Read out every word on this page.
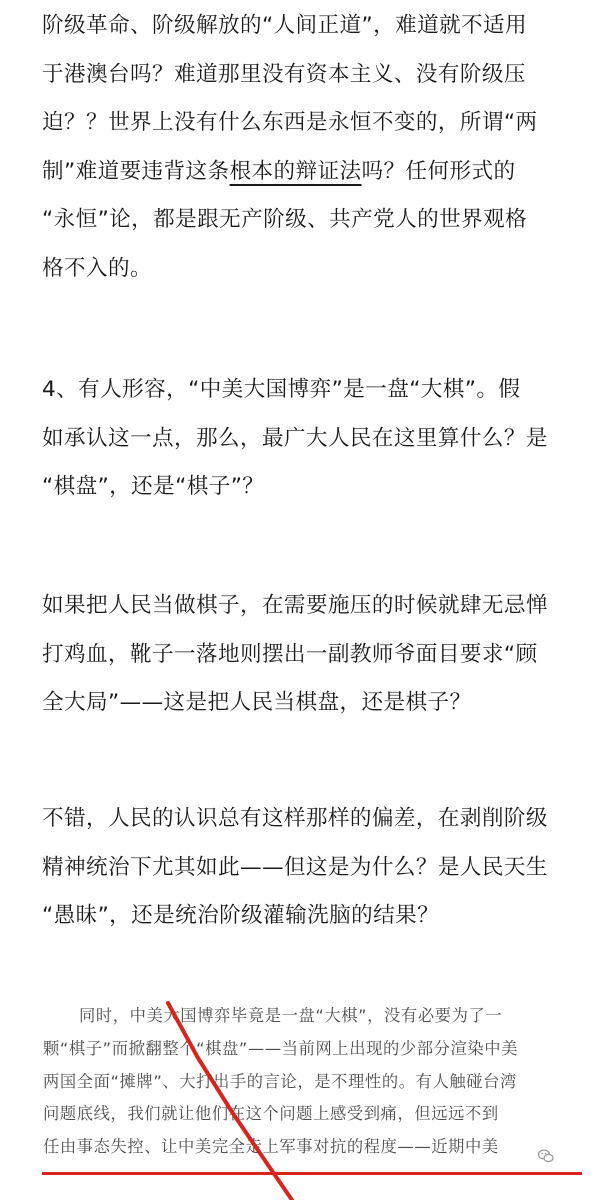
阶级革命、阶级解放的“人间正道”，难道就不适用
于港澳台吗？难道那里没有资本主义、没有阶级压
迫？？世界上没有什么东西是永恒不变的，所谓“两
制”难道要违背这条根本的辩证法吗？任何形式的
“永恒”论，都是跟无产阶级、共产党人的世界观格
格不入的。

4、有人形容，“中美大国博弈”是一盘“大棋”。假
如承认这一点，那么，最广大人民在这里算什么？是
“棋盘”，还是“棋子”？

如果把人民当做棋子，在需要施压的时候就肆无忌惮
打鸡血，靴子一落地则摆出一副教师爷面目要求“顾
全大局”——这是把人民当棋盘，还是棋子？

不错，人民的认识总有这样那样的偏差，在剥削阶级
精神统治下尤其如此——但这是为什么？是人民天生
“愚昧”，还是统治阶级灌输洗脑的结果？

同时，中美大国博弈毕竟是一盘“大棋”，没有必要为了一
颗“棋子”而掀翻整个“棋盘”——当前网上出现的少部分渲染中美
两国全面“摊牌”、大打出手的言论，是不理性的。有人触碰台湾
问题底线，我们就让他们在这个问题上感受到痛，但远远不到
任由事态失控、让中美完全走上军事对抗的程度——近期中美
